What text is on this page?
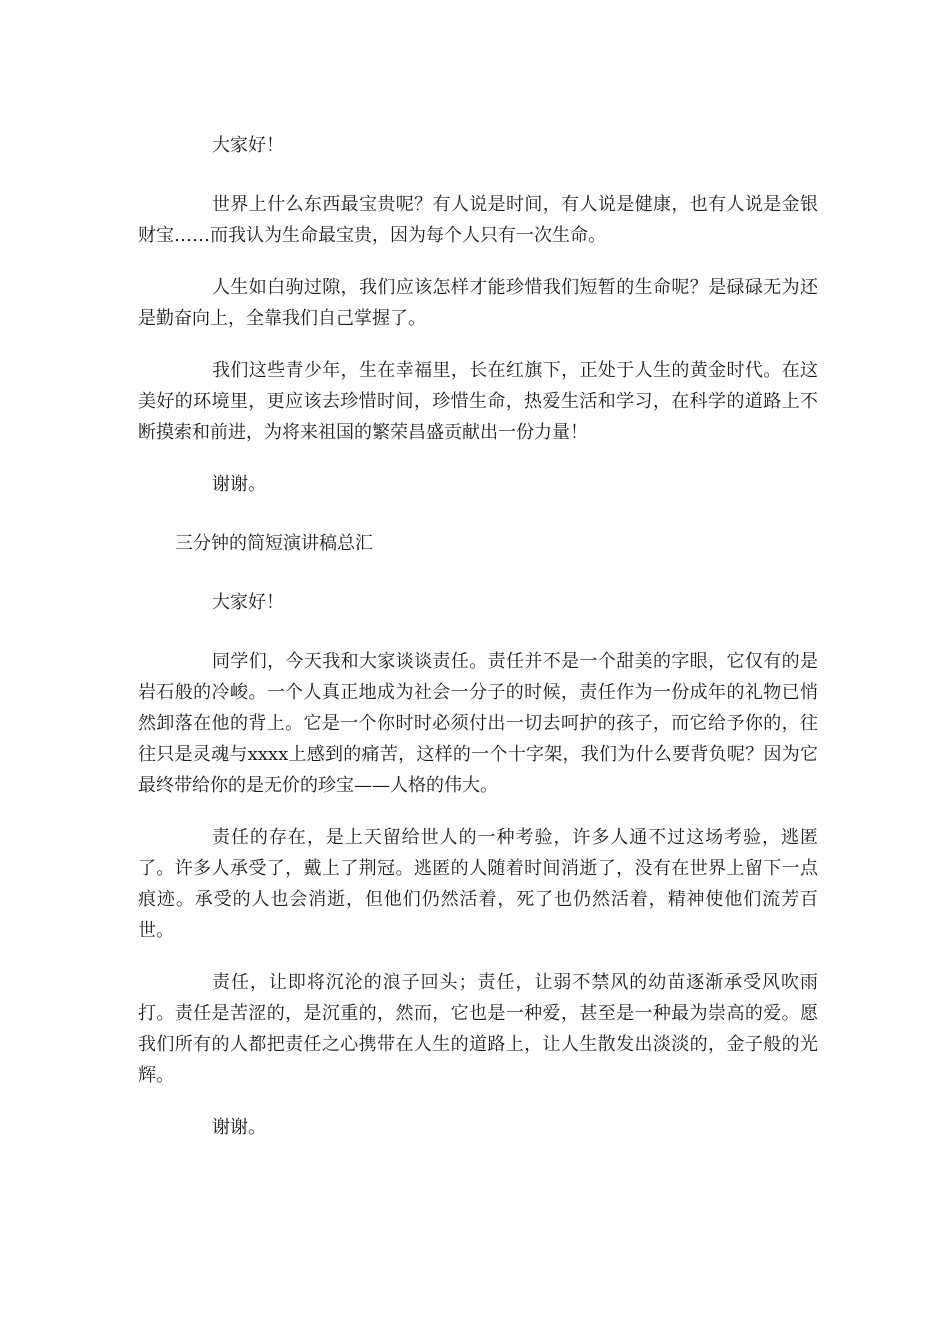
大家好！

世界上什么东西最宝贵呢？有人说是时间，有人说是健康，也有人说是金银财宝……而我认为生命最宝贵，因为每个人只有一次生命。

人生如白驹过隙，我们应该怎样才能珍惜我们短暂的生命呢？是碌碌无为还是勤奋向上，全靠我们自己掌握了。

我们这些青少年，生在幸福里，长在红旗下，正处于人生的黄金时代。在这美好的环境里，更应该去珍惜时间，珍惜生命，热爱生活和学习，在科学的道路上不断摸索和前进，为将来祖国的繁荣昌盛贡献出一份力量！

谢谢。

三分钟的简短演讲稿总汇

大家好！

同学们，今天我和大家谈谈责任。责任并不是一个甜美的字眼，它仅有的是岩石般的冷峻。一个人真正地成为社会一分子的时候，责任作为一份成年的礼物已悄然卸落在他的背上。它是一个你时时必须付出一切去呵护的孩子，而它给予你的，往往只是灵魂与xxxx上感到的痛苦，这样的一个十字架，我们为什么要背负呢？因为它最终带给你的是无价的珍宝——人格的伟大。

责任的存在，是上天留给世人的一种考验，许多人通不过这场考验，逃匿了。许多人承受了，戴上了荆冠。逃匿的人随着时间消逝了，没有在世界上留下一点痕迹。承受的人也会消逝，但他们仍然活着，死了也仍然活着，精神使他们流芳百世。

责任，让即将沉沦的浪子回头；责任，让弱不禁风的幼苗逐渐承受风吹雨打。责任是苦涩的，是沉重的，然而，它也是一种爱，甚至是一种最为崇高的爱。愿我们所有的人都把责任之心携带在人生的道路上，让人生散发出淡淡的，金子般的光辉。

谢谢。
